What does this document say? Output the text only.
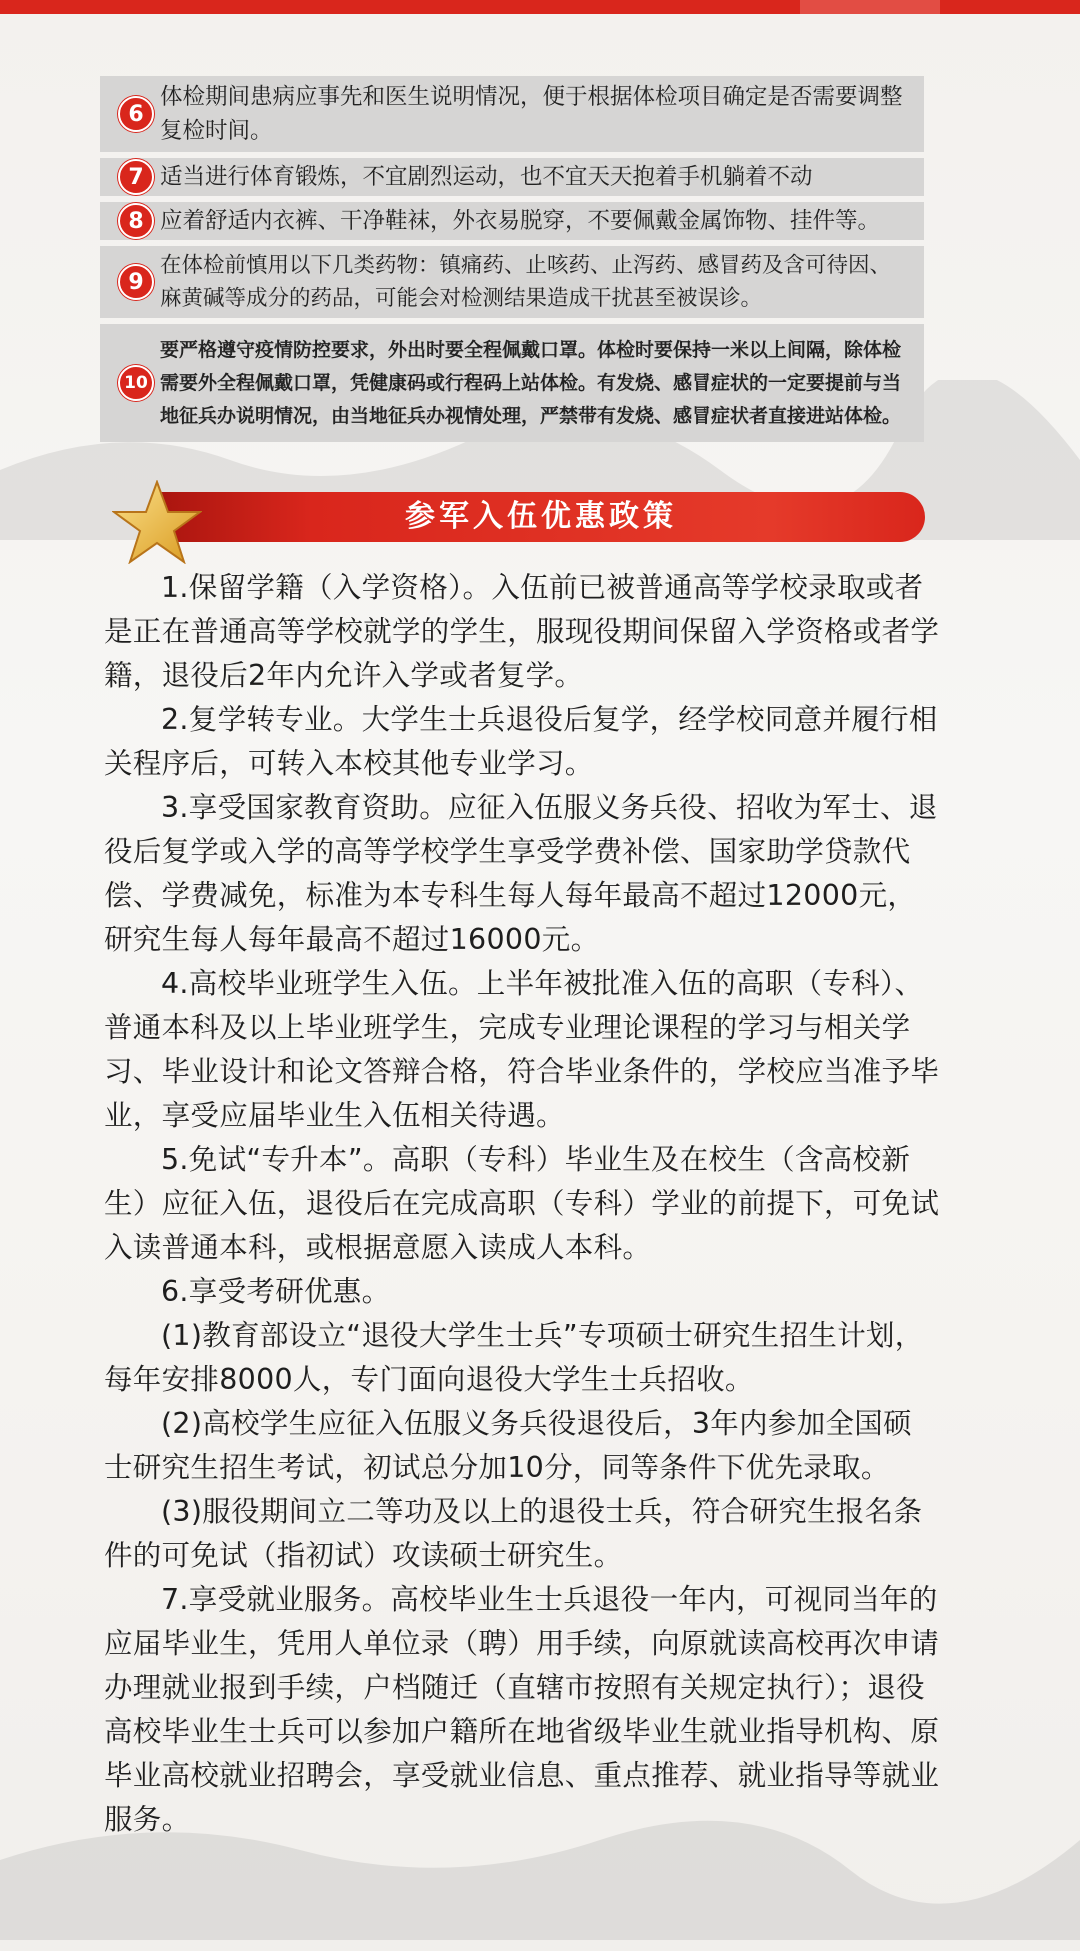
6
体检期间患病应事先和医生说明情况，便于根据体检项目确定是否需要调整复检时间。
7 适当进行体育锻炼，不宜剧烈运动，也不宜天天抱着手机躺着不动
8 应着舒适内衣裤、干净鞋袜，外衣易脱穿，不要佩戴金属饰物、挂件等。
9
在体检前慎用以下几类药物：镇痛药、止咳药、止泻药、感冒药及含可待因、麻黄碱等成分的药品，可能会对检测结果造成干扰甚至被误诊。
10
要严格遵守疫情防控要求，外出时要全程佩戴口罩。体检时要保持一米以上间隔，除体检需要外全程佩戴口罩，凭健康码或行程码上站体检。有发烧、感冒症状的一定要提前与当地征兵办说明情况，由当地征兵办视情处理，严禁带有发烧、感冒症状者直接进站体检。
参军入伍优惠政策

1.保留学籍（入学资格）。入伍前已被普通高等学校录取或者是正在普通高等学校就学的学生，服现役期间保留入学资格或者学籍，退役后2年内允许入学或者复学。

2.复学转专业。大学生士兵退役后复学，经学校同意并履行相关程序后，可转入本校其他专业学习。

3.享受国家教育资助。应征入伍服义务兵役、招收为军士、退役后复学或入学的高等学校学生享受学费补偿、国家助学贷款代偿、学费减免，标准为本专科生每人每年最高不超过12000元，研究生每人每年最高不超过16000元。

4.高校毕业班学生入伍。上半年被批准入伍的高职（专科）、普通本科及以上毕业班学生，完成专业理论课程的学习与相关学习、毕业设计和论文答辩合格，符合毕业条件的，学校应当准予毕业，享受应届毕业生入伍相关待遇。

5.免试“专升本”。高职（专科）毕业生及在校生（含高校新生）应征入伍，退役后在完成高职（专科）学业的前提下，可免试入读普通本科，或根据意愿入读成人本科。

6.享受考研优惠。

(1)教育部设立“退役大学生士兵”专项硕士研究生招生计划，每年安排8000人，专门面向退役大学生士兵招收。

(2)高校学生应征入伍服义务兵役退役后，3年内参加全国硕士研究生招生考试，初试总分加10分，同等条件下优先录取。

(3)服役期间立二等功及以上的退役士兵，符合研究生报名条件的可免试（指初试）攻读硕士研究生。

7.享受就业服务。高校毕业生士兵退役一年内，可视同当年的应届毕业生，凭用人单位录（聘）用手续，向原就读高校再次申请办理就业报到手续，户档随迁（直辖市按照有关规定执行）；退役高校毕业生士兵可以参加户籍所在地省级毕业生就业指导机构、原毕业高校就业招聘会，享受就业信息、重点推荐、就业指导等就业服务。
